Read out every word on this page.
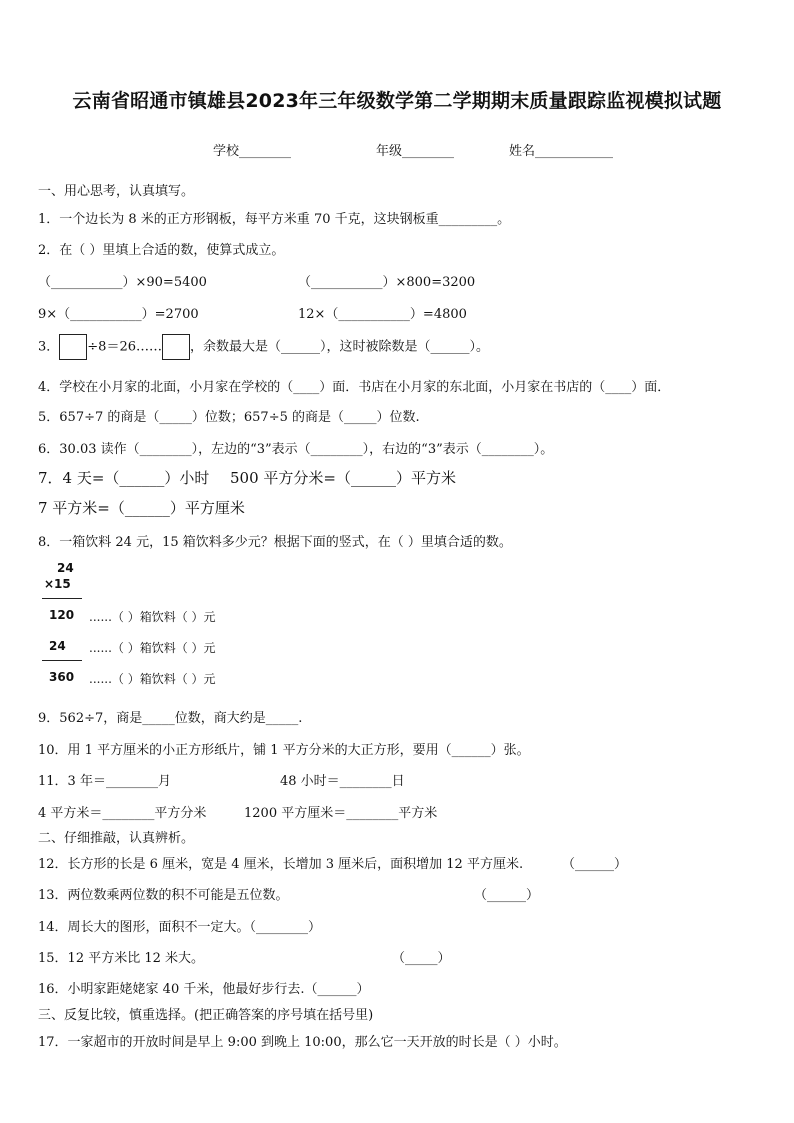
云南省昭通市镇雄县2023年三年级数学第二学期期末质量跟踪监视模拟试题
学校________	年级________	姓名____________
一、用心思考，认真填写。
1．一个边长为 8 米的正方形钢板，每平方米重 70 千克，这块钢板重_________。
2．在（ ）里填上合适的数，使算式成立。
（___________）×90=5400	（___________）×800=3200
9×（___________）=2700	12×（___________）=4800
3． ÷8＝26…… ，余数最大是（______），这时被除数是（______）。
4．学校在小月家的北面，小月家在学校的（____）面．书店在小月家的东北面，小月家在书店的（____）面．
5．657÷7 的商是（_____）位数；657÷5 的商是（_____）位数.
6．30.03 读作（________），左边的“3”表示（________），右边的“3”表示（________）。
7．4 天=（______）小时 500 平方分米=（______）平方米
7 平方米=（______）平方厘米
8．一箱饮料 24 元，15 箱饮料多少元？根据下面的竖式，在（ ）里填合适的数。
24
×15
120 ......（ ）箱饮料（ ）元
24 ......（ ）箱饮料（ ）元
360 ......（ ）箱饮料（ ）元
9．562÷7，商是_____位数，商大约是_____.
10．用 1 平方厘米的小正方形纸片，铺 1 平方分米的大正方形，要用（______）张。
11．3 年＝________月	48 小时＝________日
4 平方米＝________平方分米	1200 平方厘米＝________平方米
二、仔细推敲，认真辨析。
12．长方形的长是 6 厘米，宽是 4 厘米，长增加 3 厘米后，面积增加 12 平方厘米.	（______）
13．两位数乘两位数的积不可能是五位数。	（______）
14．周长大的图形，面积不一定大。（________）
15．12 平方米比 12 米大。	（_____）
16．小明家距姥姥家 40 千米，他最好步行去.（______）
三、反复比较，慎重选择。(把正确答案的序号填在括号里)
17．一家超市的开放时间是早上 9:00 到晚上 10:00，那么它一天开放的时长是（ ）小时。
